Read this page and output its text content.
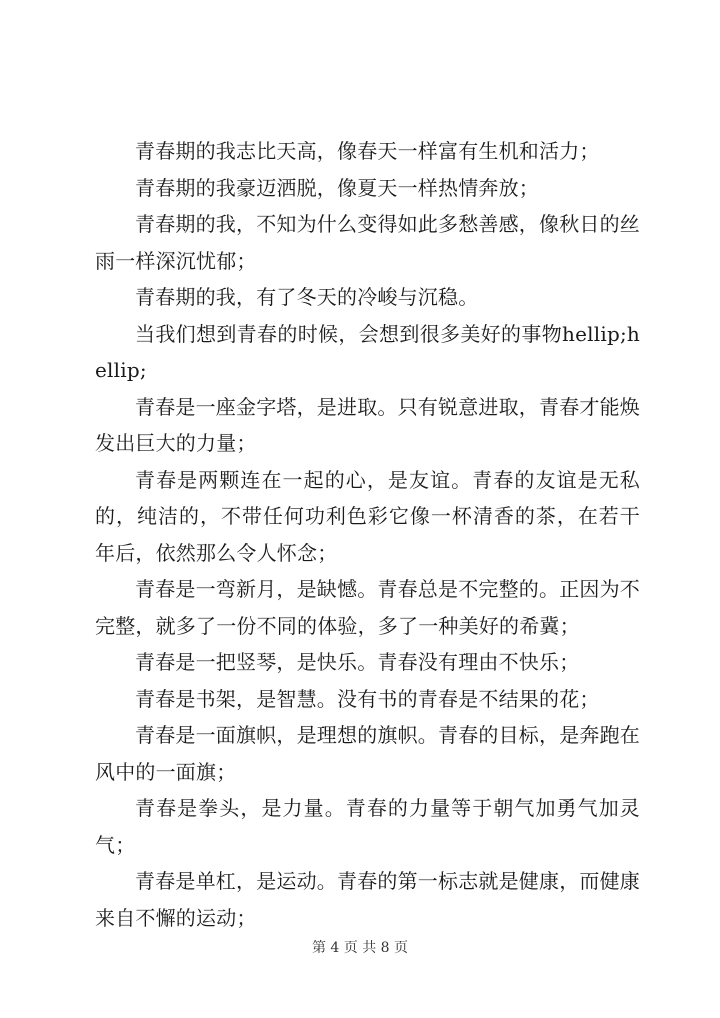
青春期的我志比天高，像春天一样富有生机和活力；

青春期的我豪迈洒脱，像夏天一样热情奔放；

青春期的我，不知为什么变得如此多愁善感，像秋日的丝雨一样深沉忧郁；

青春期的我，有了冬天的冷峻与沉稳。

当我们想到青春的时候，会想到很多美好的事物hellip;hellip;

青春是一座金字塔，是进取。只有锐意进取，青春才能焕发出巨大的力量；

青春是两颗连在一起的心，是友谊。青春的友谊是无私的，纯洁的，不带任何功利色彩它像一杯清香的茶，在若干年后，依然那么令人怀念；

青春是一弯新月，是缺憾。青春总是不完整的。正因为不完整，就多了一份不同的体验，多了一种美好的希冀；

青春是一把竖琴，是快乐。青春没有理由不快乐；

青春是书架，是智慧。没有书的青春是不结果的花；

青春是一面旗帜，是理想的旗帜。青春的目标，是奔跑在风中的一面旗；

青春是拳头，是力量。青春的力量等于朝气加勇气加灵气；

青春是单杠，是运动。青春的第一标志就是健康，而健康来自不懈的运动；

第 4 页 共 8 页
